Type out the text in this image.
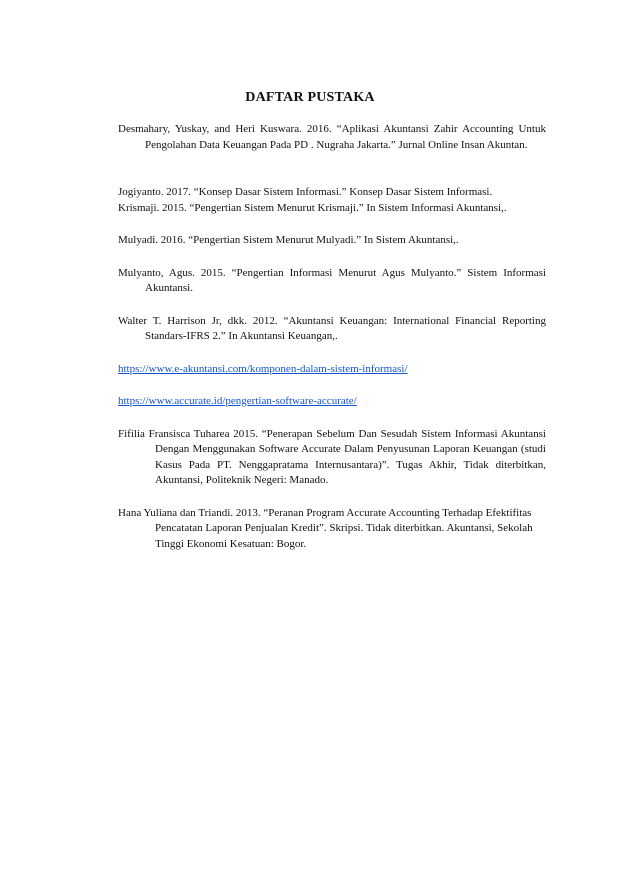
DAFTAR PUSTAKA
Desmahary, Yuskay, and Heri Kuswara. 2016. “Aplikasi Akuntansi Zahir Accounting Untuk Pengolahan Data Keuangan Pada PD . Nugraha Jakarta.” Jurnal Online Insan Akuntan.
Jogiyanto. 2017. “Konsep Dasar Sistem Informasi.” Konsep Dasar Sistem Informasi.
Krismaji. 2015. “Pengertian Sistem Menurut Krismaji.” In Sistem Informasi Akuntansi,.
Mulyadi. 2016. “Pengertian Sistem Menurut Mulyadi.” In Sistem Akuntansi,.
Mulyanto, Agus. 2015. “Pengertian Informasi Menurut Agus Mulyanto.” Sistem Informasi Akuntansi.
Walter T. Harrison Jr, dkk. 2012. “Akuntansi Keuangan: International Financial Reporting Standars-IFRS 2.” In Akuntansi Keuangan,.
https://www.e-akuntansi.com/komponen-dalam-sistem-informasi/
https://www.accurate.id/pengertian-software-accurate/
Fifilia Fransisca Tuharea 2015. “Penerapan Sebelum Dan Sesudah Sistem Informasi Akuntansi Dengan Menggunakan Software Accurate Dalam Penyusunan Laporan Keuangan (studi Kasus Pada PT. Nenggapratama Internusantara)”. Tugas Akhir, Tidak diterbitkan, Akuntansi, Politeknik Negeri: Manado.
Hana Yuliana dan Triandi. 2013. “Peranan Program Accurate Accounting Terhadap Efektifitas Pencatatan Laporan Penjualan Kredit”. Skripsi. Tidak diterbitkan. Akuntansi, Sekolah Tinggi Ekonomi Kesatuan: Bogor.
